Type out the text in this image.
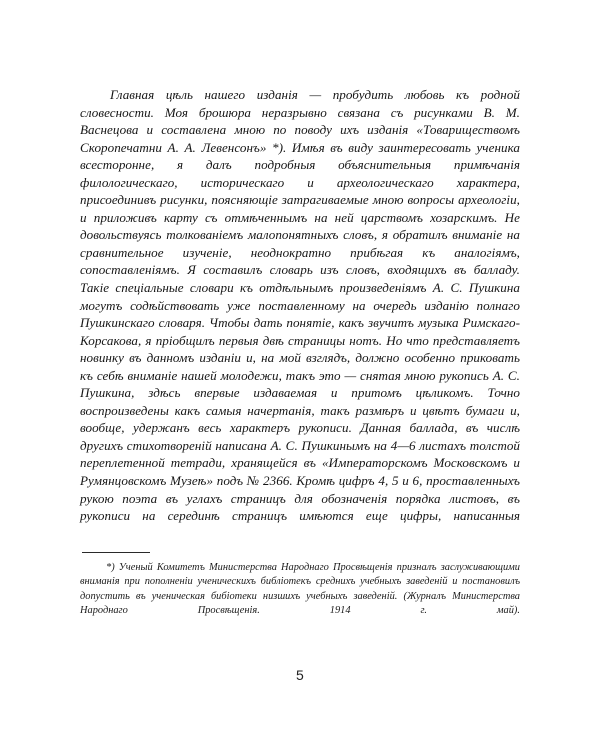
Главная цѣль нашего изданія — пробудить любовь къ родной словесности. Моя брошюра неразрывно связана съ рисунками В. М. Васнецова и составлена мною по поводу ихъ изданія «Товариществомъ Скоропечатни А. А. Левенсонъ» *). Имѣя въ виду заинтересовать ученика всесторонне, я далъ подробныя объяснительныя примѣчанія филологическаго, историческаго и археологическаго характера, присоединивъ рисунки, поясняющіе затрагиваемые мною вопросы археологіи, и приложивъ карту съ отмѣченнымъ на ней царствомъ хозарскимъ. Не довольствуясь толкованіемъ малопонятныхъ словъ, я обратилъ вниманіе на сравнительное изученіе, неоднократно прибѣгая къ аналогіямъ, сопоставленіямъ. Я составилъ словарь изъ словъ, входящихъ въ балладу. Такіе спеціальные словари къ отдѣльнымъ произведеніямъ А. С. Пушкина могутъ содѣйствовать уже поставленному на очередь изданію полнаго Пушкинскаго словаря. Чтобы дать понятіе, какъ звучитъ музыка Римскаго-Корсакова, я пріобщилъ первыя двѣ страницы нотъ. Но что представляетъ новинку въ данномъ изданіи и, на мой взглядъ, должно особенно приковать къ себѣ вниманіе нашей молодежи, такъ это — снятая мною рукопись А. С. Пушкина, здѣсь впервые издаваемая и притомъ цѣликомъ. Точно воспроизведены какъ самыя начертанія, такъ размѣръ и цвѣтъ бумаги и, вообще, удержанъ весь характеръ рукописи. Данная баллада, въ числѣ другихъ стихотвореній написана А. С. Пушкинымъ на 4—6 листахъ толстой переплетенной тетради, хранящейся въ «Императорскомъ Московскомъ и Румянцовскомъ Музеѣ» подъ № 2366. Кромѣ цифръ 4, 5 и 6, проставленныхъ рукою поэта въ углахъ страницъ для обозначенія порядка листовъ, въ рукописи на серединѣ страницъ имѣются еще цифры, написанныя

*) Ученый Комитетъ Министерства Народнаго Просвѣщенія призналъ заслуживающими вниманія при пополненіи ученическихъ библіотекъ среднихъ учебныхъ заведеній и постановилъ допустить въ ученическая бибіотеки низшихъ учебныхъ заведеній. (Журналъ Министерства Народнаго Просвѣщенія. 1914 г. май).

5
